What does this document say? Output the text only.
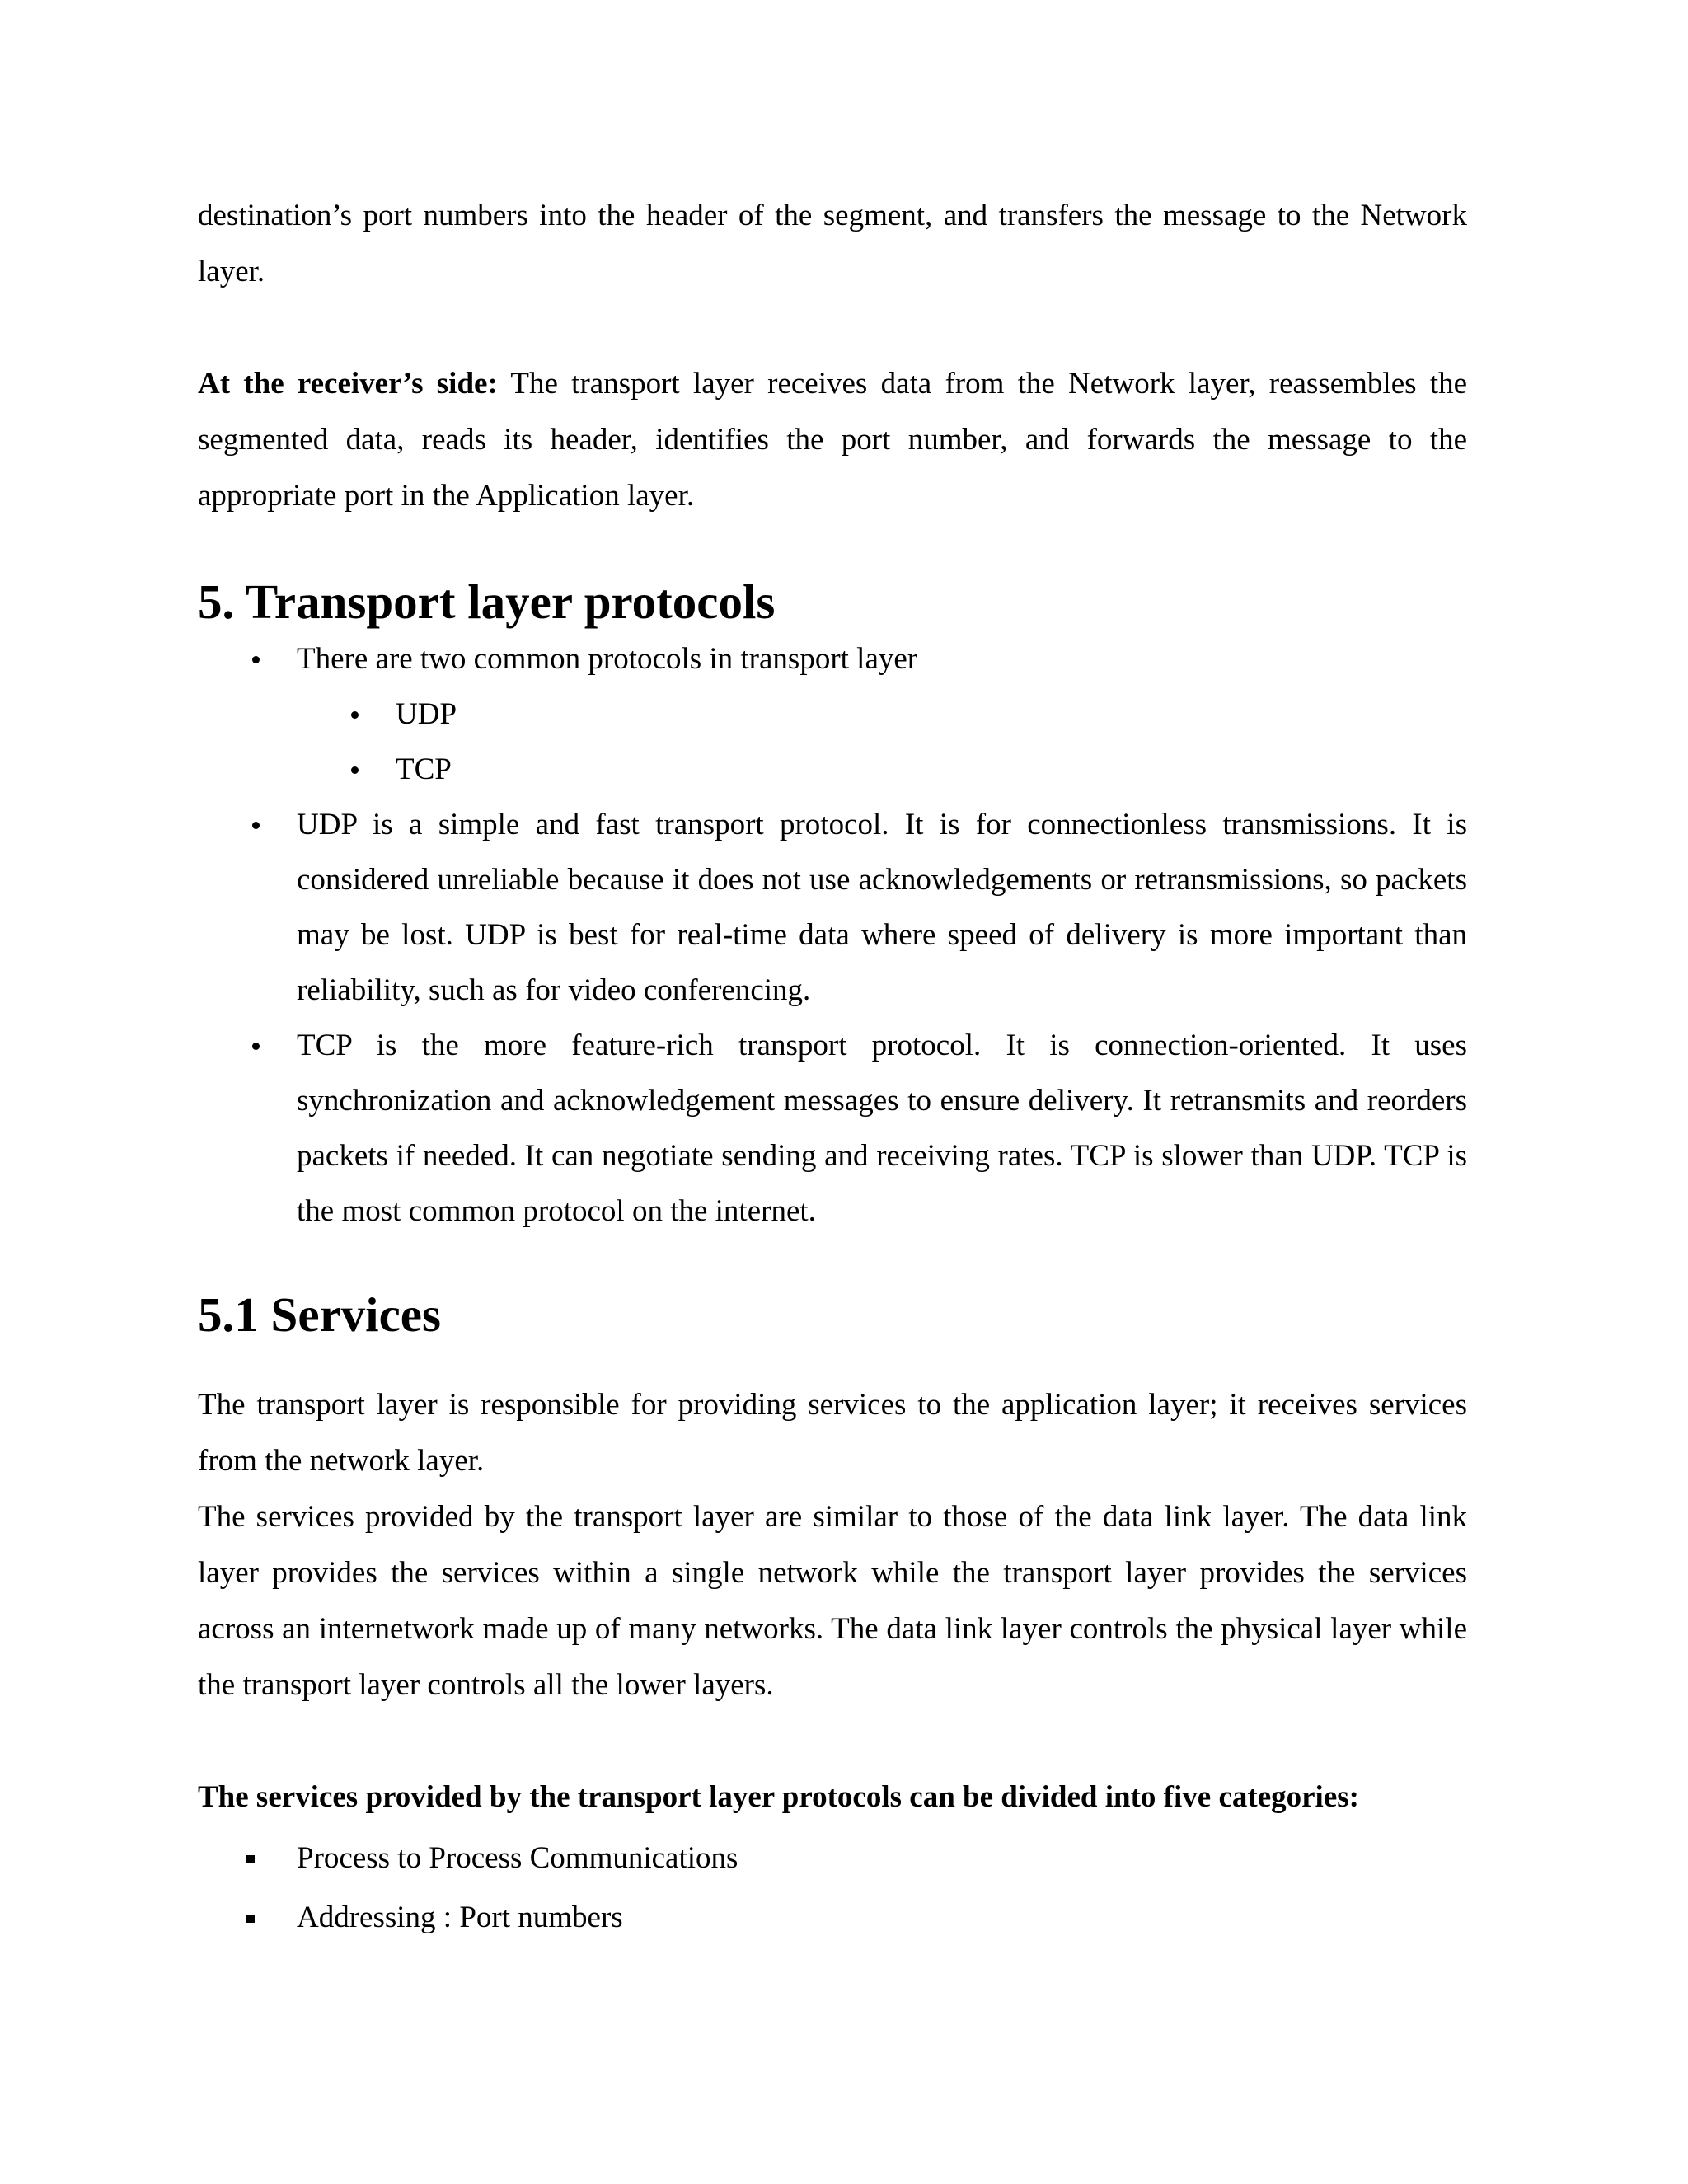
destination’s port numbers into the header of the segment, and transfers the message to the Network layer.

At the receiver’s side: The transport layer receives data from the Network layer, reassembles the segmented data, reads its header, identifies the port number, and forwards the message to the appropriate port in the Application layer.

5. Transport layer protocols
There are two common protocols in transport layer
UDP
TCP
UDP is a simple and fast transport protocol. It is for connectionless transmissions. It is considered unreliable because it does not use acknowledgements or retransmissions, so packets may be lost. UDP is best for real-time data where speed of delivery is more important than reliability, such as for video conferencing.
TCP is the more feature-rich transport protocol. It is connection-oriented. It uses synchronization and acknowledgement messages to ensure delivery. It retransmits and reorders packets if needed. It can negotiate sending and receiving rates. TCP is slower than UDP. TCP is the most common protocol on the internet.
5.1 Services

The transport layer is responsible for providing services to the application layer; it receives services from the network layer.

The services provided by the transport layer are similar to those of the data link layer. The data link layer provides the services within a single network while the transport layer provides the services across an internetwork made up of many networks. The data link layer controls the physical layer while the transport layer controls all the lower layers.

The services provided by the transport layer protocols can be divided into five categories:

Process to Process Communications
Addressing : Port numbers
